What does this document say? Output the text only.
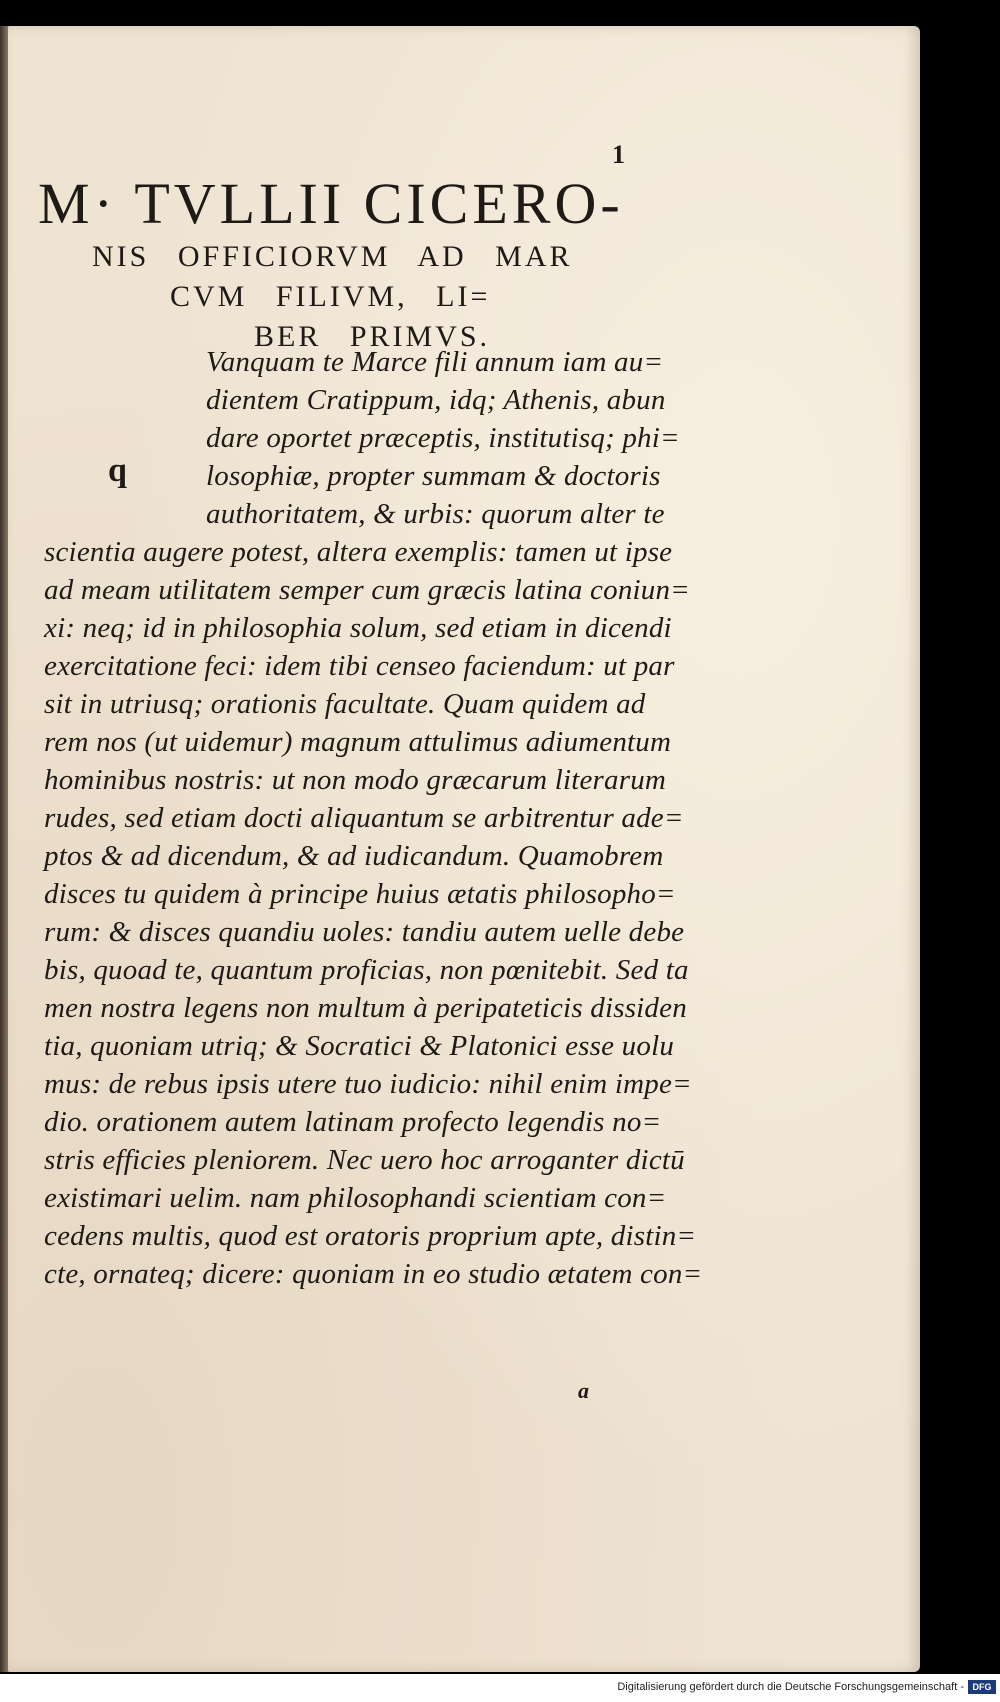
1
M· TVLLII CICERO-
NIS OFFICIORVM AD MAR
CVM FILIVM, LI=
BER PRIMVS.
q
Vanquam te Marce fili annum iam au=
dientem Cratippum, idq; Athenis, abun
dare oportet præceptis, institutisq; phi=
losophiæ, propter summam & doctoris
authoritatem, & urbis: quorum alter te
scientia augere potest, altera exemplis: tamen ut ipse
ad meam utilitatem semper cum græcis latina coniun=
xi: neq; id in philosophia solum, sed etiam in dicendi
exercitatione feci: idem tibi censeo faciendum: ut par
sit in utriusq; orationis facultate. Quam quidem ad
rem nos (ut uidemur) magnum attulimus adiumentum
hominibus nostris: ut non modo græcarum literarum
rudes, sed etiam docti aliquantum se arbitrentur ade=
ptos & ad dicendum, & ad iudicandum. Quamobrem
disces tu quidem à principe huius ætatis philosopho=
rum: & disces quandiu uoles: tandiu autem uelle debe
bis, quoad te, quantum proficias, non pœnitebit. Sed ta
men nostra legens non multum à peripateticis dissiden
tia, quoniam utriq; & Socratici & Platonici esse uolu
mus: de rebus ipsis utere tuo iudicio: nihil enim impe=
dio. orationem autem latinam profecto legendis no=
stris efficies pleniorem. Nec uero hoc arroganter dictū
existimari uelim. nam philosophandi scientiam con=
cedens multis, quod est oratoris proprium apte, distin=
cte, ornateq; dicere: quoniam in eo studio ætatem con=
a
Digitalisierung gefördert durch die Deutsche Forschungsgemeinschaft - DFG
